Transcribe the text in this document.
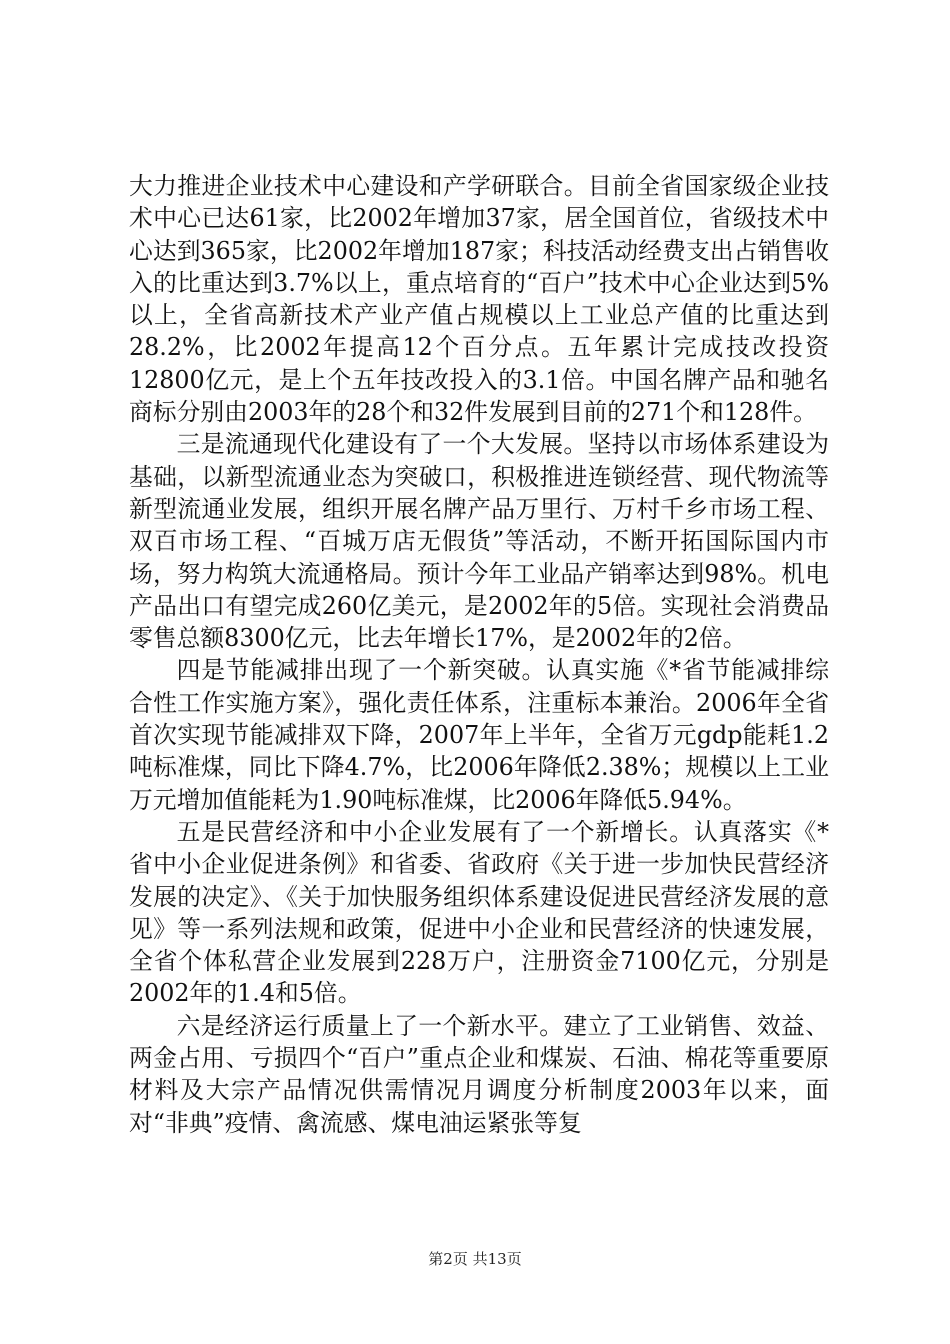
大力推进企业技术中心建设和产学研联合。目前全省国家级企业技术中心已达61家，比2002年增加37家，居全国首位，省级技术中心达到365家，比2002年增加187家；科技活动经费支出占销售收入的比重达到3.7%以上，重点培育的“百户”技术中心企业达到5%以上，全省高新技术产业产值占规模以上工业总产值的比重达到28.2%，比2002年提高12个百分点。五年累计完成技改投资12800亿元，是上个五年技改投入的3.1倍。中国名牌产品和驰名商标分别由2003年的28个和32件发展到目前的271个和128件。

三是流通现代化建设有了一个大发展。坚持以市场体系建设为基础，以新型流通业态为突破口，积极推进连锁经营、现代物流等新型流通业发展，组织开展名牌产品万里行、万村千乡市场工程、双百市场工程、“百城万店无假货”等活动，不断开拓国际国内市场，努力构筑大流通格局。预计今年工业品产销率达到98%。机电产品出口有望完成260亿美元，是2002年的5倍。实现社会消费品零售总额8300亿元，比去年增长17%，是2002年的2倍。

四是节能减排出现了一个新突破。认真实施《*省节能减排综合性工作实施方案》，强化责任体系，注重标本兼治。2006年全省首次实现节能减排双下降，2007年上半年，全省万元gdp能耗1.2吨标准煤，同比下降4.7%，比2006年降低2.38%；规模以上工业万元增加值能耗为1.90吨标准煤，比2006年降低5.94%。

五是民营经济和中小企业发展有了一个新增长。认真落实《*省中小企业促进条例》和省委、省政府《关于进一步加快民营经济发展的决定》、《关于加快服务组织体系建设促进民营经济发展的意见》等一系列法规和政策，促进中小企业和民营经济的快速发展，全省个体私营企业发展到228万户，注册资金7100亿元，分别是2002年的1.4和5倍。

六是经济运行质量上了一个新水平。建立了工业销售、效益、两金占用、亏损四个“百户”重点企业和煤炭、石油、棉花等重要原材料及大宗产品情况供需情况月调度分析制度2003年以来，面对“非典”疫情、禽流感、煤电油运紧张等复

第2页 共13页
